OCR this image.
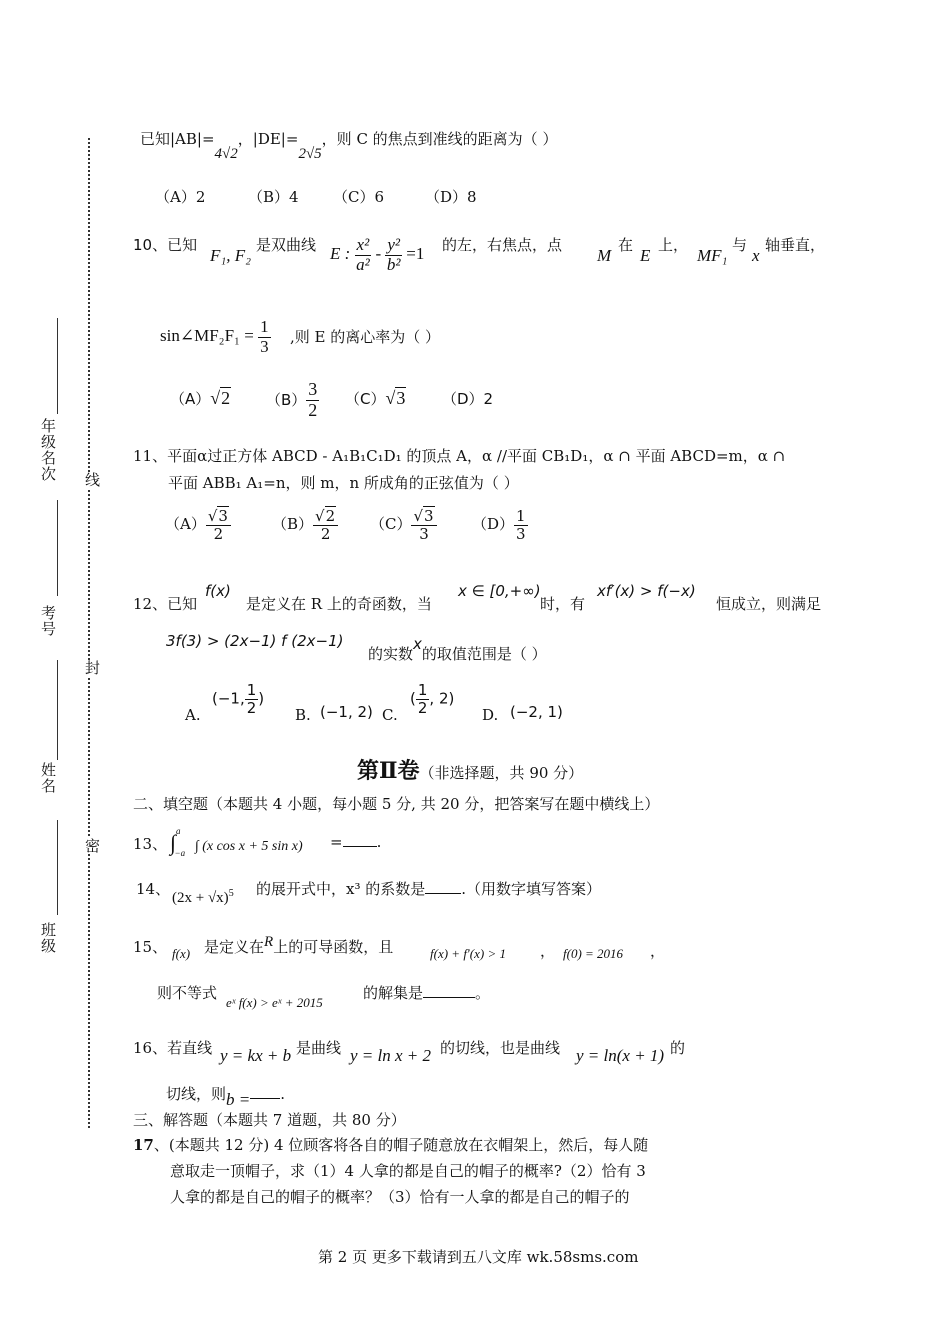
年级名次
考号
姓名
班级
线
封
密
已知|AB|=4√2，|DE|=2√5，则 C 的焦点到准线的距离为（ ）
（A）2	（B）4 （C）6	（D）8
10、已知
F₁, F₂
是双曲线 E : $\frac{\text{x²}}{\text{a²}} - \frac{\text{y²}}{\text{b²}} =1$ 的左，右焦点，点
M
在
E
上，
MF₁
与
x
轴垂直，
sin∠MF₂F₁ = $\frac{1}{3}$ ,则 E 的离心率为（ ）
（A）√2 $(B) \frac{3}{2} (C)√3$ （D）2
11、平面α过正方体 ABCD - A₁B₁C₁D₁ 的顶点 A，α //平面 CB₁D₁，α ∩ 平面 ABCD=m，α ∩
平面 ABB₁ A₁=n，则 m，n 所成角的正弦值为（ ）
$(A) \frac{√3}{2}$	$(B) \frac{√2}{2} (C) \frac{√3}{3} (D) \frac{1}{3}$
12、已知
f(x)
是定义在 R 上的奇函数，当
x ∈ [0,+∞)
时，有
xf′(x) > f(−x)
恒成立，则满足
3f(3) > (2x−1) f (2x−1)
的实数x的取值范围是（ ）
A.
(−1, $\frac{1}{2}$ )
B. (−1, 2) C.
( $\frac{1}{2}$ , 2)
D. (−2, 1)
第Ⅱ卷（非选择题，共 90 分）
二、填空题（本题共 4 小题，每小题 5 分, 共 20 分，把答案写在题中横线上）
13、 ∫$^a_{-a}$ ∫ (x cos x + 5 sin x) = .
14、 $(2x + √x)^5$ 的展开式中，x³ 的系数是 .（用数字填写答案）
15、 f(x) 是定义在R上的可导函数，且	f(x) + f′(x) > 1 ， f(0) = 2016 ，
则不等式
eˣ f(x) > eˣ + 2015
的解集是	。
16、若直线 y = kx + b 是曲线 y = ln x + 2 的切线，也是曲线 y = ln(x + 1) 的
切线，则b = .
三、解答题（本题共 7 道题，共 80 分）
17、(本题共 12 分) 4 位顾客将各自的帽子随意放在衣帽架上，然后，每人随
意取走一顶帽子，求（1）4 人拿的都是自己的帽子的概率?（2）恰有 3
人拿的都是自己的帽子的概率？（3）恰有一人拿的都是自己的帽子的
第 2 页 更多下载请到五八文库 wk.58sms.com
